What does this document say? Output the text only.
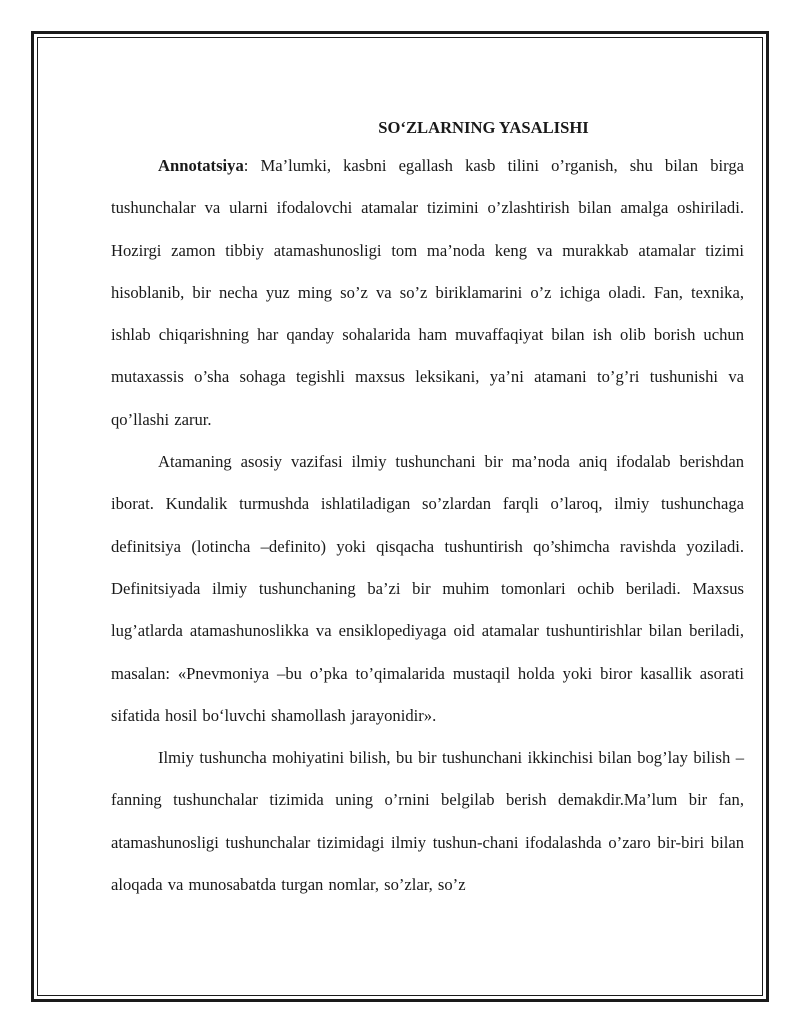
SO‘ZLARNING YASALISHI

Annotatsiya: Ma’lumki, kasbni egallash kasb tilini o’rganish, shu bilan birga tushunchalar va ularni ifodalovchi atamalar tizimini o’zlashtirish bilan amalga oshiriladi. Hozirgi zamon tibbiy atamashunosligi tom ma’noda keng va murakkab atamalar tizimi hisoblanib, bir necha yuz ming so’z va so’z biriklamarini o’z ichiga oladi. Fan, texnika, ishlab chiqarishning har qanday sohalarida ham muvaffaqiyat bilan ish olib borish uchun mutaxassis o’sha sohaga tegishli maxsus leksikani, ya’ni atamani to’g’ri tushunishi va qo’llashi zarur.

Atamaning asosiy vazifasi ilmiy tushunchani bir ma’noda aniq ifodalab berishdan iborat. Kundalik turmushda ishlatiladigan so’zlardan farqli o’laroq, ilmiy tushunchaga definitsiya (lotincha –definito) yoki qisqacha tushuntirish qo’shimcha ravishda yoziladi. Definitsiyada ilmiy tushunchaning ba’zi bir muhim tomonlari ochib beriladi. Maxsus lug’atlarda atamashunoslikka va ensiklopediyaga oid atamalar tushuntirishlar bilan beriladi, masalan: «Pnevmoniya –bu o’pka to’qimalarida mustaqil holda yoki biror kasallik asorati sifatida hosil bo‘luvchi shamollash jarayonidir».

Ilmiy tushuncha mohiyatini bilish, bu bir tushunchani ikkinchisi bilan bog’lay bilish –fanning tushunchalar tizimida uning o’rnini belgilab berish demakdir.Ma’lum bir fan, atamashunosligi tushunchalar tizimidagi ilmiy tushun-chani ifodalashda o’zaro bir-biri bilan aloqada va munosabatda turgan nomlar, so’zlar, so’z
